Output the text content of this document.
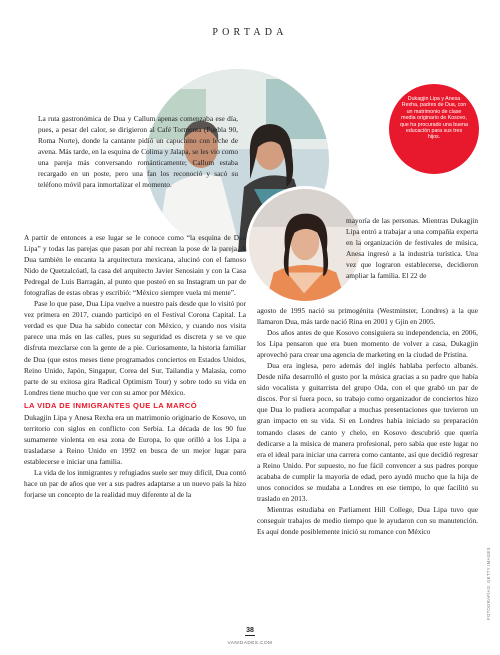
PORTADA
Dukagjin Lipa y Anesa Rexha, padres de Dua, con un matrimonio de clase media originario de Kosovo, que ha procurado una buena educación para sus tres hijos.

La ruta gastronómica de Dua y Callum apenas comenzaba ese día, pues, a pesar del calor, se dirigieron al Café Tormenta (Puebla 90, Roma Norte), donde la cantante pidió un capuchino con leche de avena. Más tarde, en la esquina de Colima y Jalapa, se les vio como una pareja más conversando románticamente; Callum estaba recargado en un poste, pero una fan los reconoció y sacó su teléfono móvil para inmortalizar el momento.

A partir de entonces a ese lugar se le conoce como “la esquina de Dua Lipa” y todas las parejas que pasan por ahí recrean la pose de la pareja. A Dua también le encanta la arquitectura mexicana, alucinó con el famoso Nido de Quetzalcóatl, la casa del arquitecto Javier Senosiain y con la Casa Pedregal de Luis Barragán, al punto que posteó en su Instagram un par de fotografías de estas obras y escribió: “México siempre vuela mi mente”.

Pase lo que pase, Dua Lipa vuelve a nuestro país desde que lo visitó por vez primera en 2017, cuando participó en el Festival Corona Capital. La verdad es que Dua ha sabido conectar con México, y cuando nos visita parece una más en las calles, pues su seguridad es discreta y se ve que disfruta mezclarse con la gente de a pie. Curiosamente, la historia familiar de Dua (que estos meses tiene programados conciertos en Estados Unidos, Reino Unido, Japón, Singapur, Corea del Sur, Tailandia y Malasia, como parte de su exitosa gira Radical Optimism Tour) y sobre todo su vida en Londres tiene mucho que ver con su amor por México.

LA VIDA DE INMIGRANTES QUE LA MARCÓ

Dukagjin Lipa y Anesa Rexha era un matrimonio originario de Kosovo, un territorio con siglos en conflicto con Serbia. La década de los 90 fue sumamente violenta en esa zona de Europa, lo que orilló a los Lipa a trasladarse a Reino Unido en 1992 en busca de un mejor lugar para establecerse e iniciar una familia.

La vida de los inmigrantes y refugiados suele ser muy difícil, Dua contó hace un par de años que ver a sus padres adaptarse a un nuevo país la hizo forjarse un concepto de la realidad muy diferente al de la

mayoría de las personas. Mientras Dukagjin Lipa entró a trabajar a una compañía experta en la organización de festivales de música, Anesa ingresó a la industria turística. Una vez que lograron establecerse, decidieron ampliar la familia. El 22 de

agosto de 1995 nació su primogénita (Westminster, Londres) a la que llamaron Dua, más tarde nació Rina en 2001 y Gjin en 2005.

Dos años antes de que Kosovo consiguiera su independencia, en 2006, los Lipa pensaron que era buen momento de volver a casa, Dukagjin aprovechó para crear una agencia de marketing en la ciudad de Pristina.

Dua era inglesa, pero además del inglés hablaba perfecto albanés. Desde niña desarrolló el gusto por la música gracias a su padre que había sido vocalista y guitarrista del grupo Oda, con el que grabó un par de discos. Por si fuera poco, su trabajo como organizador de conciertos hizo que Dua lo pudiera acompañar a muchas presentaciones que tuvieron un gran impacto en su vida. Si en Londres había iniciado su preparación tomando clases de canto y chelo, en Kosovo descubrió que quería dedicarse a la música de manera profesional, pero sabía que este lugar no era el ideal para iniciar una carrera como cantante, así que decidió regresar a Reino Unido. Por supuesto, no fue fácil convencer a sus padres porque acababa de cumplir la mayoría de edad, pero ayudó mucho que la hija de unos conocidos se mudaba a Londres en ese tiempo, lo que facilitó su traslado en 2013.

Mientras estudiaba en Parliament Hill College, Dua Lipa tuvo que conseguir trabajos de medio tiempo que le ayudaron con su manutención. Es aquí donde posiblemente inició su romance con México

FOTOGRAFÍAS: GETTY IMAGES
38
VANIDADES.COM
